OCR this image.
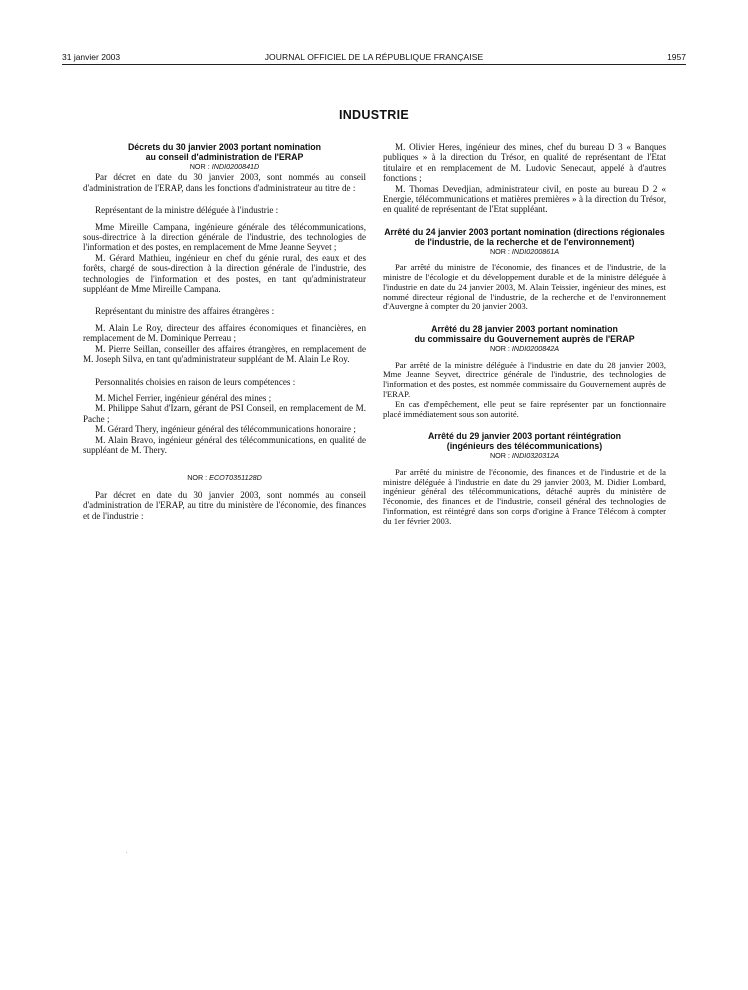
31 janvier 2003	JOURNAL OFFICIEL DE LA RÉPUBLIQUE FRANÇAISE	1957
INDUSTRIE
Décrets du 30 janvier 2003 portant nomination
au conseil d'administration de l'ERAP

NOR : INDI0200841D

Par décret en date du 30 janvier 2003, sont nommés au conseil d'administration de l'ERAP, dans les fonctions d'administrateur au titre de :

Représentant de la ministre déléguée à l'industrie :

Mme Mireille Campana, ingénieure générale des télécommunications, sous-directrice à la direction générale de l'industrie, des technologies de l'information et des postes, en remplacement de Mme Jeanne Seyvet ;

M. Gérard Mathieu, ingénieur en chef du génie rural, des eaux et des forêts, chargé de sous-direction à la direction générale de l'industrie, des technologies de l'information et des postes, en tant qu'administrateur suppléant de Mme Mireille Campana.

Représentant du ministre des affaires étrangères :

M. Alain Le Roy, directeur des affaires économiques et financières, en remplacement de M. Dominique Perreau ;

M. Pierre Seillan, conseiller des affaires étrangères, en remplacement de M. Joseph Silva, en tant qu'administrateur suppléant de M. Alain Le Roy.

Personnalités choisies en raison de leurs compétences :

M. Michel Ferrier, ingénieur général des mines ;

M. Philippe Sahut d'Izarn, gérant de PSI Conseil, en remplacement de M. Pache ;

M. Gérard Thery, ingénieur général des télécommunications honoraire ;

M. Alain Bravo, ingénieur général des télécommunications, en qualité de suppléant de M. Thery.

NOR : ECOT0351128D

Par décret en date du 30 janvier 2003, sont nommés au conseil d'administration de l'ERAP, au titre du ministère de l'économie, des finances et de l'industrie :

M. Olivier Heres, ingénieur des mines, chef du bureau D 3 « Banques publiques » à la direction du Trésor, en qualité de représentant de l'Etat titulaire et en remplacement de M. Ludovic Senecaut, appelé à d'autres fonctions ;

M. Thomas Devedjian, administrateur civil, en poste au bureau D 2 « Energie, télécommunications et matières premières » à la direction du Trésor, en qualité de représentant de l'Etat suppléant.

Arrêté du 24 janvier 2003 portant nomination (directions régionales de l'industrie, de la recherche et de l'environnement)

NOR : INDI0200861A

Par arrêté du ministre de l'économie, des finances et de l'industrie, de la ministre de l'écologie et du développement durable et de la ministre déléguée à l'industrie en date du 24 janvier 2003, M. Alain Teissier, ingénieur des mines, est nommé directeur régional de l'industrie, de la recherche et de l'environnement d'Auvergne à compter du 20 janvier 2003.

Arrêté du 28 janvier 2003 portant nomination
du commissaire du Gouvernement auprès de l'ERAP

NOR : INDI0200842A

Par arrêté de la ministre déléguée à l'industrie en date du 28 janvier 2003, Mme Jeanne Seyvet, directrice générale de l'industrie, des technologies de l'information et des postes, est nommée commissaire du Gouvernement auprès de l'ERAP.

En cas d'empêchement, elle peut se faire représenter par un fonctionnaire placé immédiatement sous son autorité.

Arrêté du 29 janvier 2003 portant réintégration
(ingénieurs des télécommunications)

NOR : INDI0320312A

Par arrêté du ministre de l'économie, des finances et de l'industrie et de la ministre déléguée à l'industrie en date du 29 janvier 2003, M. Didier Lombard, ingénieur général des télécommunications, détaché auprès du ministère de l'économie, des finances et de l'industrie, conseil général des technologies de l'information, est réintégré dans son corps d'origine à France Télécom à compter du 1er février 2003.
